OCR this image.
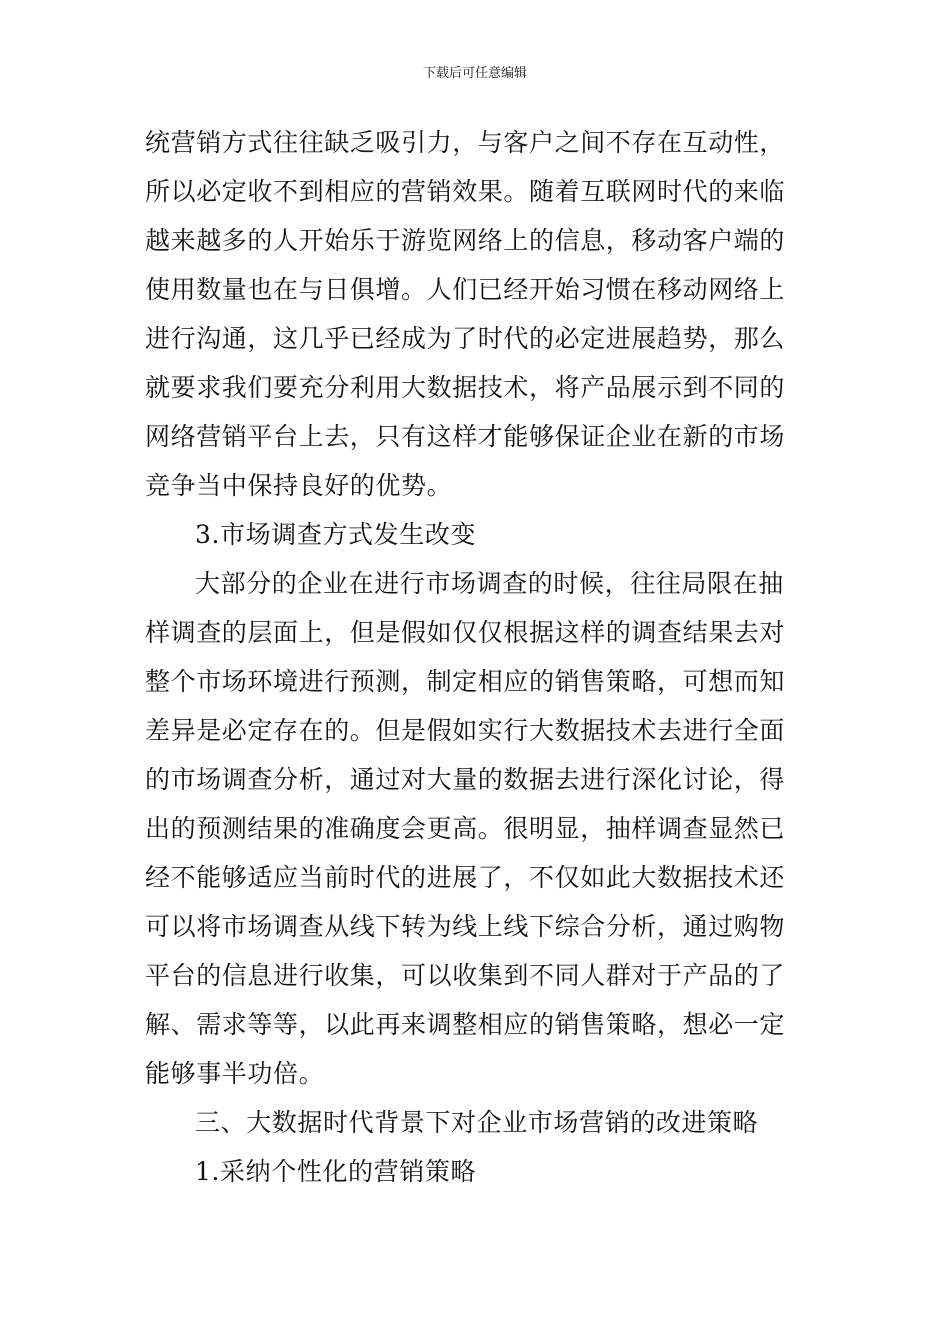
下载后可任意编辑
统营销方式往往缺乏吸引力，与客户之间不存在互动性，
所以必定收不到相应的营销效果。随着互联网时代的来临
越来越多的人开始乐于游览网络上的信息，移动客户端的
使用数量也在与日俱增。人们已经开始习惯在移动网络上
进行沟通，这几乎已经成为了时代的必定进展趋势，那么
就要求我们要充分利用大数据技术，将产品展示到不同的
网络营销平台上去，只有这样才能够保证企业在新的市场
竞争当中保持良好的优势。
3.市场调查方式发生改变
大部分的企业在进行市场调查的时候，往往局限在抽
样调查的层面上，但是假如仅仅根据这样的调查结果去对
整个市场环境进行预测，制定相应的销售策略，可想而知
差异是必定存在的。但是假如实行大数据技术去进行全面
的市场调查分析，通过对大量的数据去进行深化讨论，得
出的预测结果的准确度会更高。很明显，抽样调查显然已
经不能够适应当前时代的进展了，不仅如此大数据技术还
可以将市场调查从线下转为线上线下综合分析，通过购物
平台的信息进行收集，可以收集到不同人群对于产品的了
解、需求等等，以此再来调整相应的销售策略，想必一定
能够事半功倍。
三、大数据时代背景下对企业市场营销的改进策略
1.采纳个性化的营销策略
